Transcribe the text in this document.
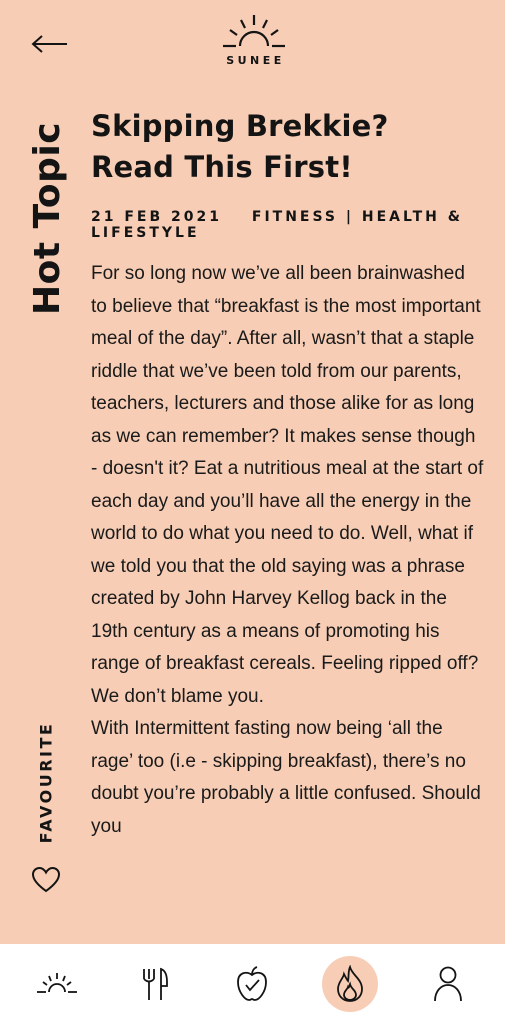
SUNEE
Hot Topic Skipping Brekkie?
Read This First!
21 FEB 2021 FITNESS | HEALTH & LIFESTYLE

For so long now we’ve all been brainwashed to believe that “breakfast is the most important meal of the day”. After all, wasn’t that a staple riddle that we’ve been told from our parents, teachers, lecturers and those alike for as long as we can remember? It makes sense though - doesn't it? Eat a nutritious meal at the start of each day and you’ll have all the energy in the world to do what you need to do. Well, what if we told you that the old saying was a phrase created by John Harvey Kellog back in the 19th century as a means of promoting his range of breakfast cereals. Feeling ripped off? We don’t blame you.

With Intermittent fasting now being ‘all the rage’ too (i.e - skipping breakfast), there’s no doubt you’re probably a little confused. Should you

FAVOURITE
